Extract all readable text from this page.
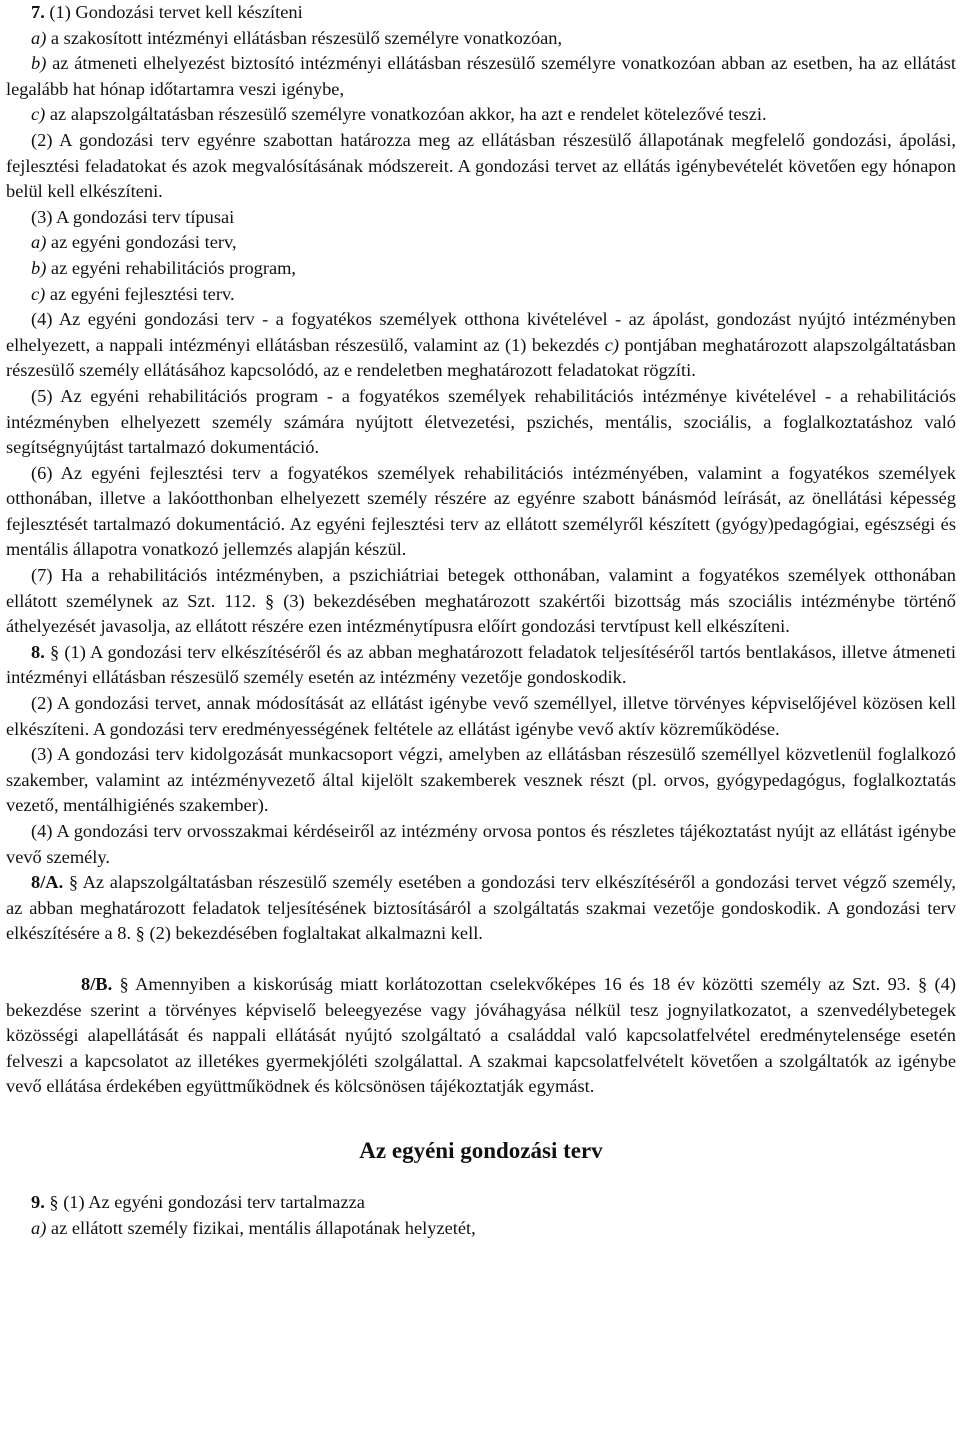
7. (1) Gondozási tervet kell készíteni

a) a szakosított intézményi ellátásban részesülő személyre vonatkozóan,

b) az átmeneti elhelyezést biztosító intézményi ellátásban részesülő személyre vonatkozóan abban az esetben, ha az ellátást legalább hat hónap időtartamra veszi igénybe,

c) az alapszolgáltatásban részesülő személyre vonatkozóan akkor, ha azt e rendelet kötelezővé teszi.

(2) A gondozási terv egyénre szabottan határozza meg az ellátásban részesülő állapotának megfelelő gondozási, ápolási, fejlesztési feladatokat és azok megvalósításának módszereit. A gondozási tervet az ellátás igénybevételét követően egy hónapon belül kell elkészíteni.

(3) A gondozási terv típusai

a) az egyéni gondozási terv,

b) az egyéni rehabilitációs program,

c) az egyéni fejlesztési terv.

(4) Az egyéni gondozási terv - a fogyatékos személyek otthona kivételével - az ápolást, gondozást nyújtó intézményben elhelyezett, a nappali intézményi ellátásban részesülő, valamint az (1) bekezdés c) pontjában meghatározott alapszolgáltatásban részesülő személy ellátásához kapcsolódó, az e rendeletben meghatározott feladatokat rögzíti.

(5) Az egyéni rehabilitációs program - a fogyatékos személyek rehabilitációs intézménye kivételével - a rehabilitációs intézményben elhelyezett személy számára nyújtott életvezetési, pszichés, mentális, szociális, a foglalkoztatáshoz való segítségnyújtást tartalmazó dokumentáció.

(6) Az egyéni fejlesztési terv a fogyatékos személyek rehabilitációs intézményében, valamint a fogyatékos személyek otthonában, illetve a lakóotthonban elhelyezett személy részére az egyénre szabott bánásmód leírását, az önellátási képesség fejlesztését tartalmazó dokumentáció. Az egyéni fejlesztési terv az ellátott személyről készített (gyógy)pedagógiai, egészségi és mentális állapotra vonatkozó jellemzés alapján készül.

(7) Ha a rehabilitációs intézményben, a pszichiátriai betegek otthonában, valamint a fogyatékos személyek otthonában ellátott személynek az Szt. 112. § (3) bekezdésében meghatározott szakértői bizottság más szociális intézménybe történő áthelyezését javasolja, az ellátott részére ezen intézménytípusra előírt gondozási tervtípust kell elkészíteni.

8. § (1) A gondozási terv elkészítéséről és az abban meghatározott feladatok teljesítéséről tartós bentlakásos, illetve átmeneti intézményi ellátásban részesülő személy esetén az intézmény vezetője gondoskodik.

(2) A gondozási tervet, annak módosítását az ellátást igénybe vevő személlyel, illetve törvényes képviselőjével közösen kell elkészíteni. A gondozási terv eredményességének feltétele az ellátást igénybe vevő aktív közreműködése.

(3) A gondozási terv kidolgozását munkacsoport végzi, amelyben az ellátásban részesülő személlyel közvetlenül foglalkozó szakember, valamint az intézményvezető által kijelölt szakemberek vesznek részt (pl. orvos, gyógypedagógus, foglalkoztatás vezető, mentálhigiénés szakember).

(4) A gondozási terv orvosszakmai kérdéseiről az intézmény orvosa pontos és részletes tájékoztatást nyújt az ellátást igénybe vevő személy.

8/A. § Az alapszolgáltatásban részesülő személy esetében a gondozási terv elkészítéséről a gondozási tervet végző személy, az abban meghatározott feladatok teljesítésének biztosításáról a szolgáltatás szakmai vezetője gondoskodik. A gondozási terv elkészítésére a 8. § (2) bekezdésében foglaltakat alkalmazni kell.

8/B. § Amennyiben a kiskorúság miatt korlátozottan cselekvőképes 16 és 18 év közötti személy az Szt. 93. § (4) bekezdése szerint a törvényes képviselő beleegyezése vagy jóváhagyása nélkül tesz jognyilatkozatot, a szenvedélybetegek közösségi alapellátását és nappali ellátását nyújtó szolgáltató a családdal való kapcsolatfelvétel eredménytelensége esetén felveszi a kapcsolatot az illetékes gyermekjóléti szolgálattal. A szakmai kapcsolatfelvételt követően a szolgáltatók az igénybe vevő ellátása érdekében együttműködnek és kölcsönösen tájékoztatják egymást.

Az egyéni gondozási terv

9. § (1) Az egyéni gondozási terv tartalmazza

a) az ellátott személy fizikai, mentális állapotának helyzetét,
